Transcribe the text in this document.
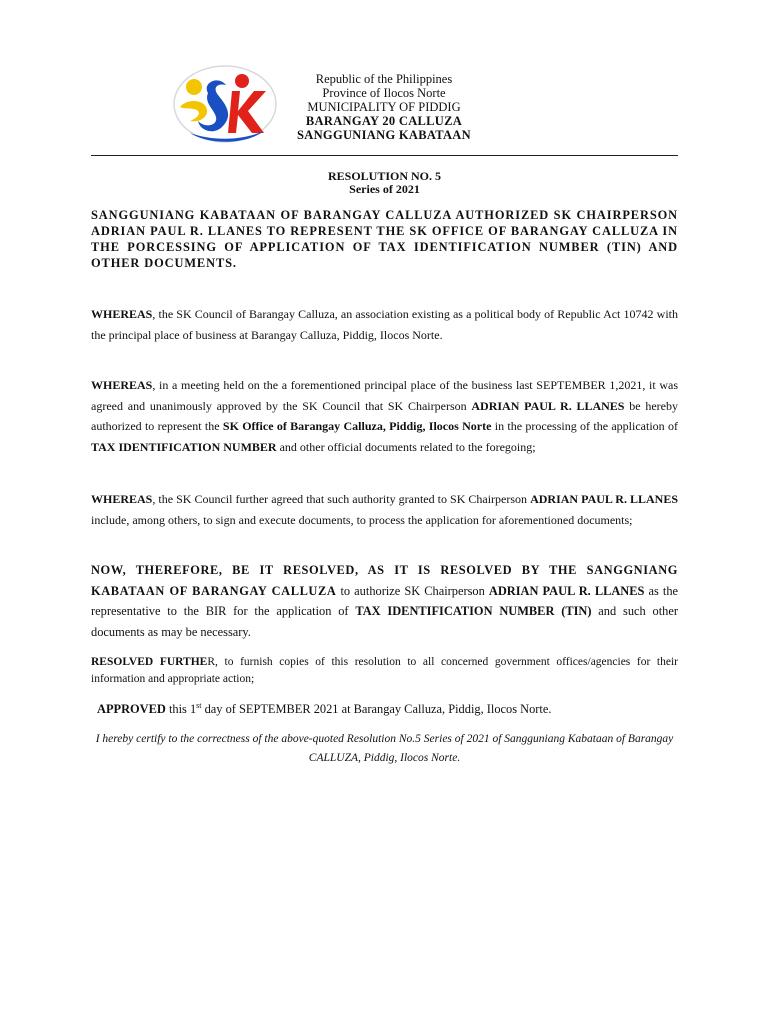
Republic of the Philippines
Province of Ilocos Norte
MUNICIPALITY OF PIDDIG
BARANGAY 20 CALLUZA
SANGGUNIANG KABATAAN
RESOLUTION NO. 5
Series of 2021
SANGGUNIANG KABATAAN OF BARANGAY CALLUZA AUTHORIZED SK CHAIRPERSON ADRIAN PAUL R. LLANES TO REPRESENT THE SK OFFICE OF BARANGAY CALLUZA IN THE PORCESSING OF APPLICATION OF TAX IDENTIFICATION NUMBER (TIN) AND OTHER DOCUMENTS.
WHEREAS, the SK Council of Barangay Calluza, an association existing as a political body of Republic Act 10742 with the principal place of business at Barangay Calluza, Piddig, Ilocos Norte.
WHEREAS, in a meeting held on the a forementioned principal place of the business last SEPTEMBER 1,2021, it was agreed and unanimously approved by the SK Council that SK Chairperson ADRIAN PAUL R. LLANES be hereby authorized to represent the SK Office of Barangay Calluza, Piddig, Ilocos Norte in the processing of the application of TAX IDENTIFICATION NUMBER and other official documents related to the foregoing;
WHEREAS, the SK Council further agreed that such authority granted to SK Chairperson ADRIAN PAUL R. LLANES include, among others, to sign and execute documents, to process the application for aforementioned documents;
NOW, THEREFORE, BE IT RESOLVED, AS IT IS RESOLVED BY THE SANGGNIANG KABATAAN OF BARANGAY CALLUZA to authorize SK Chairperson ADRIAN PAUL R. LLANES as the representative to the BIR for the application of TAX IDENTIFICATION NUMBER (TIN) and such other documents as may be necessary.
RESOLVED FURTHER, to furnish copies of this resolution to all concerned government offices/agencies for their information and appropriate action;
APPROVED this 1st day of SEPTEMBER 2021 at Barangay Calluza, Piddig, Ilocos Norte.
I hereby certify to the correctness of the above-quoted Resolution No.5 Series of 2021 of Sangguniang Kabataan of Barangay CALLUZA, Piddig, Ilocos Norte.
